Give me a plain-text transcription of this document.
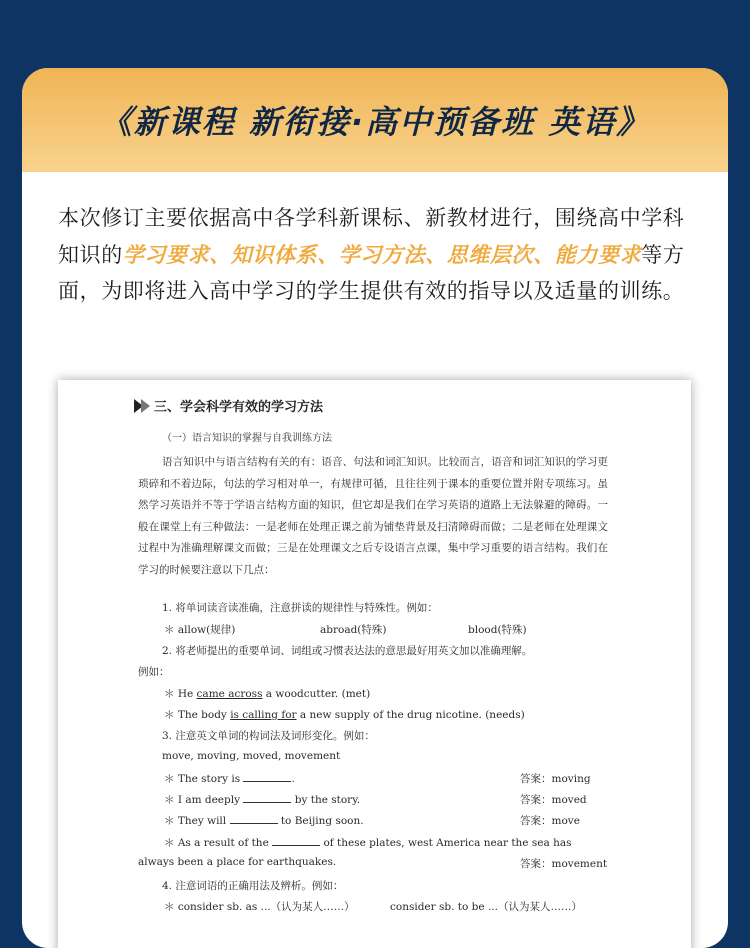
《新课程 新衔接·高中预备班 英语》
本次修订主要依据高中各学科新课标、新教材进行，围绕高中学科知识的学习要求、知识体系、学习方法、思维层次、能力要求等方面，为即将进入高中学习的学生提供有效的指导以及适量的训练。
三、学会科学有效的学习方法
（一）语言知识的掌握与自我训练方法
语言知识中与语言结构有关的有：语音、句法和词汇知识。比较而言，语音和词汇知识的学习更琐碎和不着边际，句法的学习相对单一，有规律可循，且往往列于课本的重要位置并附专项练习。虽然学习英语并不等于学语言结构方面的知识，但它却是我们在学习英语的道路上无法躲避的障碍。一般在课堂上有三种做法：一是老师在处理正课之前为铺垫背景及扫清障碍而做；二是老师在处理课文过程中为准确理解课文而做；三是在处理课文之后专设语言点课，集中学习重要的语言结构。我们在学习的时候要注意以下几点：
1. 将单词读音读准确，注意拼读的规律性与特殊性。例如：
＊ allow(规律)	abroad(特殊)	blood(特殊)
2. 将老师提出的重要单词、词组或习惯表达法的意思最好用英文加以准确理解。
例如：
＊ He came across a woodcutter. (met)
＊ The body is calling for a new supply of the drug nicotine. (needs)
3. 注意英文单词的构词法及词形变化。例如：
move, moving, moved, movement
＊ The story is	.	答案：moving
＊ I am deeply	by the story.	答案：moved
＊ They will	to Beijing soon.	答案：move
＊ As a result of the	of these plates, west America near the sea has
always been a place for earthquakes.	答案：movement
4. 注意词语的正确用法及辨析。例如：
＊ consider sb. as ...（认为某人……）	consider sb. to be ...（认为某人……）
